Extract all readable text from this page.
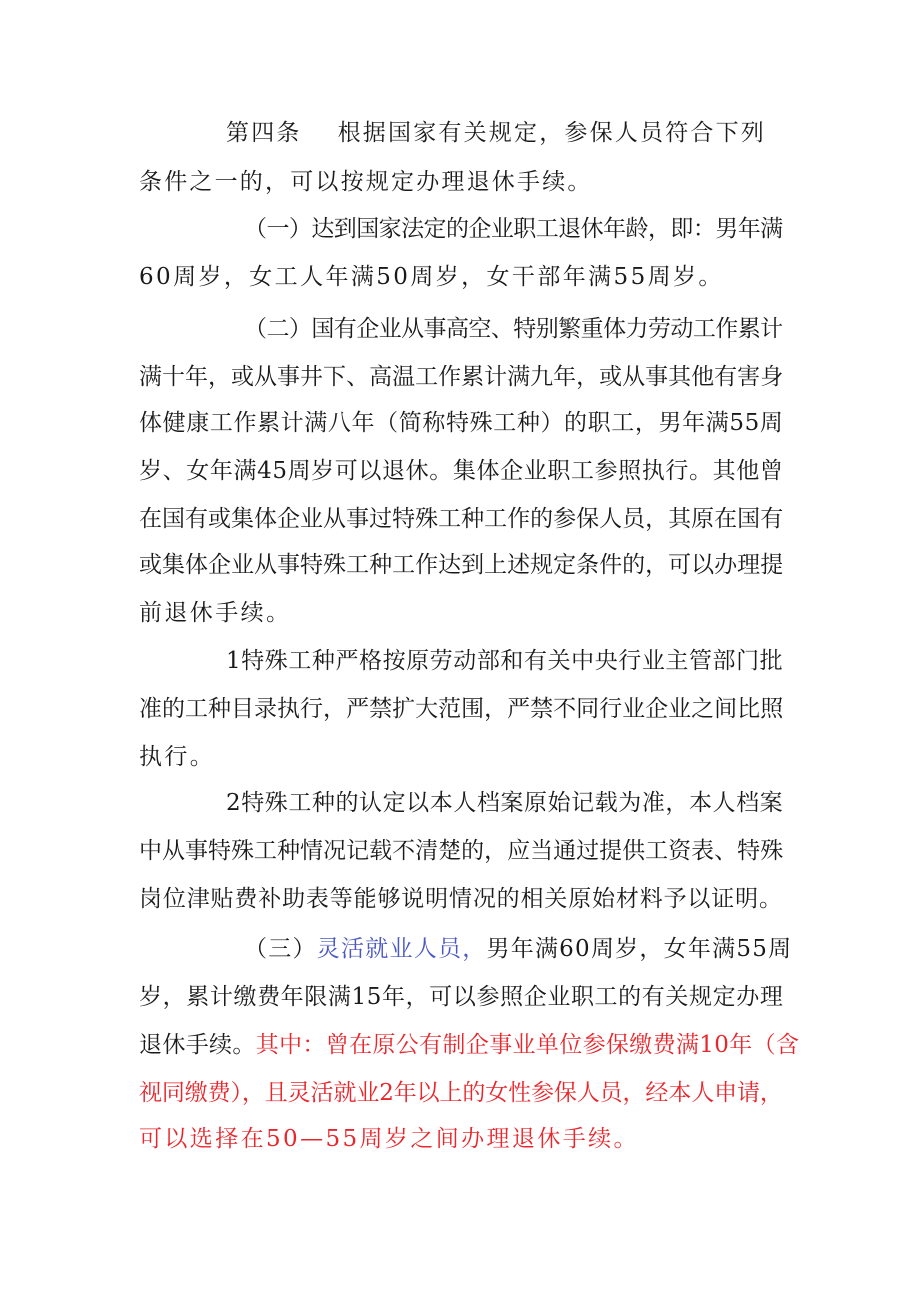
第四条 根据国家有关规定，参保人员符合下列
条件之一的，可以按规定办理退休手续。
（一）达到国家法定的企业职工退休年龄，即：男年满
60周岁，女工人年满50周岁，女干部年满55周岁。
（二）国有企业从事高空、特别繁重体力劳动工作累计
满十年，或从事井下、高温工作累计满九年，或从事其他有害身
体健康工作累计满八年（简称特殊工种）的职工，男年满55周
岁、女年满45周岁可以退休。集体企业职工参照执行。其他曾
在国有或集体企业从事过特殊工种工作的参保人员，其原在国有
或集体企业从事特殊工种工作达到上述规定条件的，可以办理提
前退休手续。
1特殊工种严格按原劳动部和有关中央行业主管部门批
准的工种目录执行，严禁扩大范围，严禁不同行业企业之间比照
执行。
2特殊工种的认定以本人档案原始记载为准，本人档案
中从事特殊工种情况记载不清楚的，应当通过提供工资表、特殊
岗位津贴费补助表等能够说明情况的相关原始材料予以证明。
（三）灵活就业人员，男年满60周岁，女年满55周
岁，累计缴费年限满15年，可以参照企业职工的有关规定办理
退休手续。其中：曾在原公有制企事业单位参保缴费满10年（含
视同缴费），且灵活就业2年以上的女性参保人员，经本人申请，
可以选择在50—55周岁之间办理退休手续。
